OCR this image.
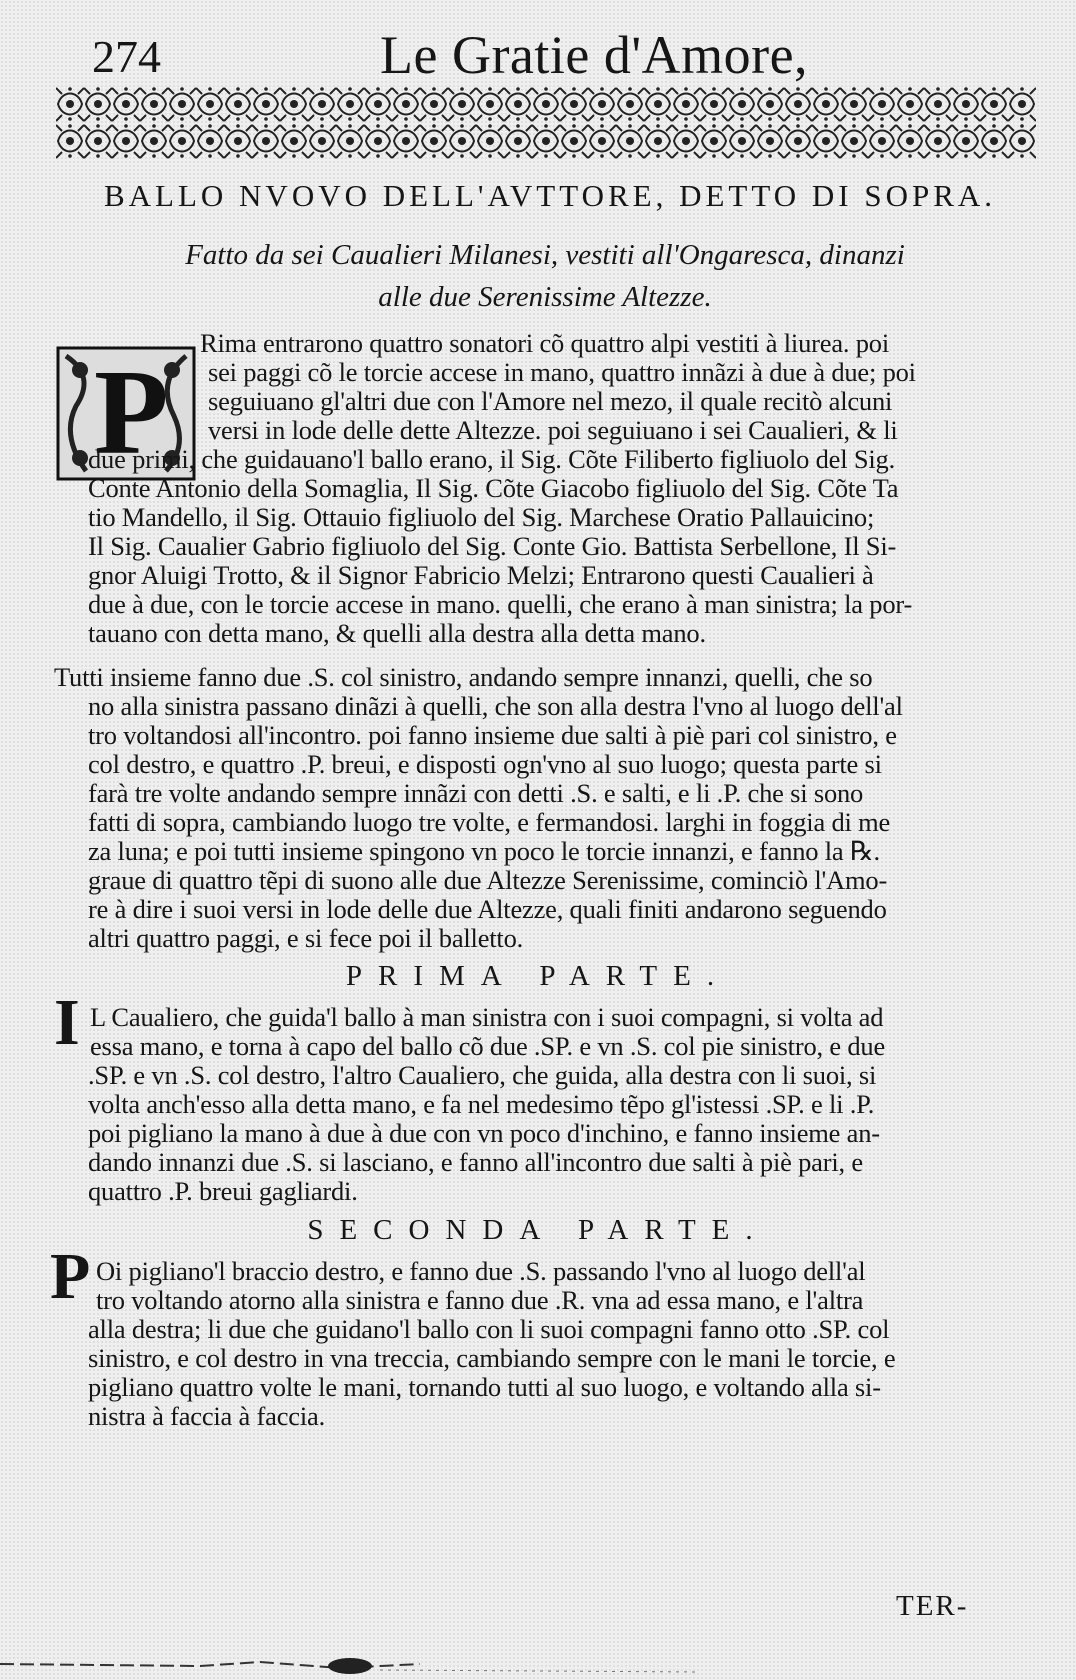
274	Le Gratie d'Amore,
BALLO NVOVO DELL'AVTTORE, DETTO DI SOPRA.
Fatto da sei Caualieri Milanesi, vestiti all'Ongaresca, dinanzi
alle due Serenissime Altezze.
P
Rima entrarono quattro sonatori cõ quattro alpi vestiti à liurea. poi
sei paggi cõ le torcie accese in mano, quattro innãzi à due à due; poi
seguiuano gl'altri due con l'Amore nel mezo, il quale recitò alcuni
versi in lode delle dette Altezze. poi seguiuano i sei Caualieri, & li
due primi, che guidauano'l ballo erano, il Sig. Cõte Filiberto figliuolo del Sig.
Conte Antonio della Somaglia, Il Sig. Cõte Giacobo figliuolo del Sig. Cõte Ta
tio Mandello, il Sig. Ottauio figliuolo del Sig. Marchese Oratio Pallauicino;
Il Sig. Caualier Gabrio figliuolo del Sig. Conte Gio. Battista Serbellone, Il Si-
gnor Aluigi Trotto, & il Signor Fabricio Melzi; Entrarono questi Caualieri à
due à due, con le torcie accese in mano. quelli, che erano à man sinistra; la por-
tauano con detta mano, & quelli alla destra alla detta mano.
Tutti insieme fanno due .S. col sinistro, andando sempre innanzi, quelli, che so
no alla sinistra passano dinãzi à quelli, che son alla destra l'vno al luogo dell'al
tro voltandosi all'incontro. poi fanno insieme due salti à piè pari col sinistro, e
col destro, e quattro .P. breui, e disposti ogn'vno al suo luogo; questa parte si
farà tre volte andando sempre innãzi con detti .S. e salti, e li .P. che si sono
fatti di sopra, cambiando luogo tre volte, e fermandosi. larghi in foggia di me
za luna; e poi tutti insieme spingono vn poco le torcie innanzi, e fanno la ℞.
graue di quattro tẽpi di suono alle due Altezze Serenissime, cominciò l'Amo-
re à dire i suoi versi in lode delle due Altezze, quali finiti andarono seguendo
altri quattro paggi, e si fece poi il balletto.
PRIMA PARTE.
I L Caualiero, che guida'l ballo à man sinistra con i suoi compagni, si volta ad
essa mano, e torna à capo del ballo cõ due .SP. e vn .S. col pie sinistro, e due
.SP. e vn .S. col destro, l'altro Caualiero, che guida, alla destra con li suoi, si
volta anch'esso alla detta mano, e fa nel medesimo tẽpo gl'istessi .SP. e li .P.
poi pigliano la mano à due à due con vn poco d'inchino, e fanno insieme an-
dando innanzi due .S. si lasciano, e fanno all'incontro due salti à piè pari, e
quattro .P. breui gagliardi.
SECONDA PARTE.
P Oi pigliano'l braccio destro, e fanno due .S. passando l'vno al luogo dell'al
tro voltando atorno alla sinistra e fanno due .R. vna ad essa mano, e l'altra
alla destra; li due che guidano'l ballo con li suoi compagni fanno otto .SP. col
sinistro, e col destro in vna treccia, cambiando sempre con le mani le torcie, e
pigliano quattro volte le mani, tornando tutti al suo luogo, e voltando alla si-
nistra à faccia à faccia.
TER-
